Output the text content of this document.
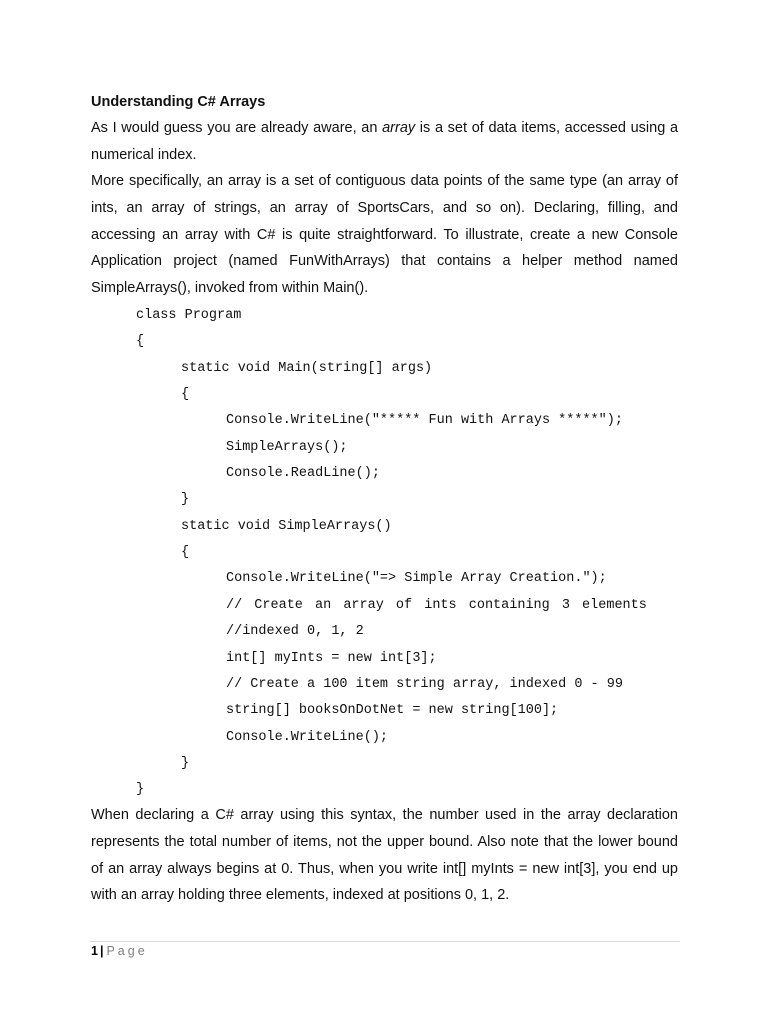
Understanding C# Arrays

As I would guess you are already aware, an array is a set of data items, accessed using a numerical index.

More specifically, an array is a set of contiguous data points of the same type (an array of ints, an array of strings, an array of SportsCars, and so on). Declaring, filling, and accessing an array with C# is quite straightforward. To illustrate, create a new Console Application project (named FunWithArrays) that contains a helper method named SimpleArrays(), invoked from within Main().

class Program

{

static void Main(string[] args)

{

Console.WriteLine("***** Fun with Arrays *****");

SimpleArrays();

Console.ReadLine();

}

static void SimpleArrays()

{

Console.WriteLine("=> Simple Array Creation.");

// Create an array of ints containing 3 elements

//indexed 0, 1, 2

int[] myInts = new int[3];

// Create a 100 item string array, indexed 0 - 99

string[] booksOnDotNet = new string[100];

Console.WriteLine();

}

}

When declaring a C# array using this syntax, the number used in the array declaration represents the total number of items, not the upper bound. Also note that the lower bound of an array always begins at 0. Thus, when you write int[] myInts = new int[3], you end up with an array holding three elements, indexed at positions 0, 1, 2.

1 | Page
